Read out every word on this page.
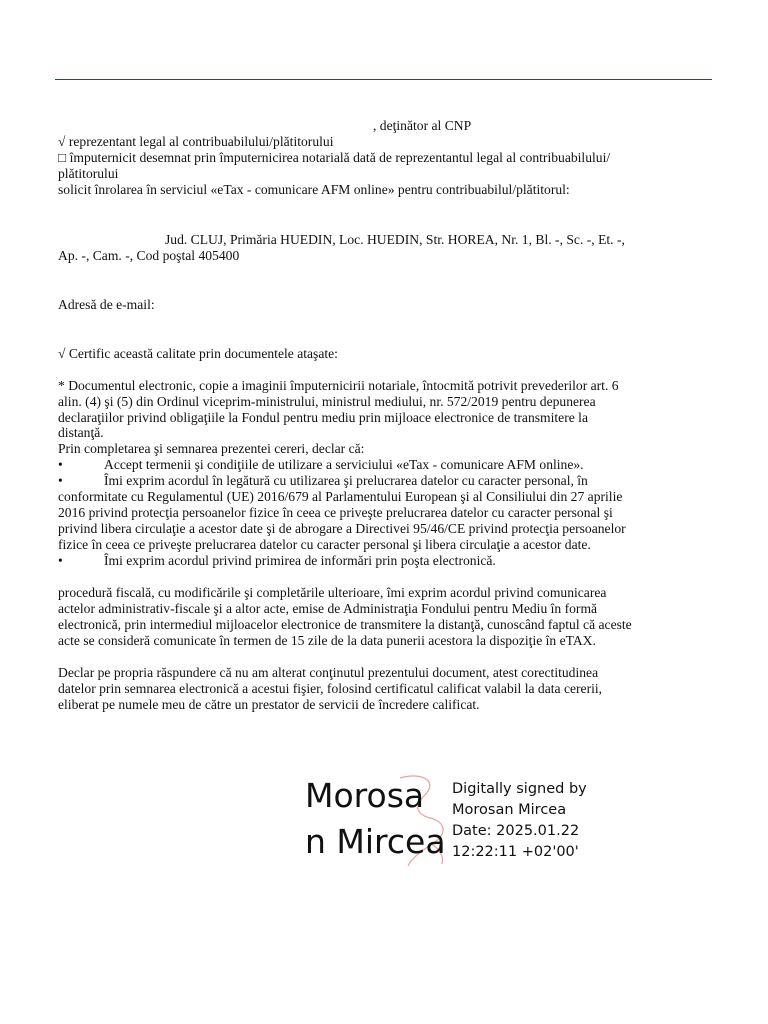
, deţinător al CNP
√ reprezentant legal al contribuabilului/plătitorului
□ împuternicit desemnat prin împuternicirea notarială dată de reprezentantul legal al contribuabilului/
plătitorului
solicit înrolarea în serviciul «eTax - comunicare AFM online» pentru contribuabilul/plătitorul:
Jud. CLUJ, Primăria HUEDIN, Loc. HUEDIN, Str. HOREA, Nr. 1, Bl. -, Sc. -, Et. -,
Ap. -, Cam. -, Cod poştal 405400
Adresă de e-mail:
√ Certific această calitate prin documentele ataşate:
* Documentul electronic, copie a imaginii împuternicirii notariale, întocmită potrivit prevederilor art. 6
alin. (4) şi (5) din Ordinul viceprim-ministrului, ministrul mediului, nr. 572/2019 pentru depunerea
declaraţiilor privind obligaţiile la Fondul pentru mediu prin mijloace electronice de transmitere la
distanţă.
Prin completarea şi semnarea prezentei cereri, declar că:
•	Accept termenii şi condiţiile de utilizare a serviciului «eTax - comunicare AFM online».
•	Îmi exprim acordul în legătură cu utilizarea şi prelucrarea datelor cu caracter personal, în
conformitate cu Regulamentul (UE) 2016/679 al Parlamentului European şi al Consiliului din 27 aprilie
2016 privind protecţia persoanelor fizice în ceea ce priveşte prelucrarea datelor cu caracter personal şi
privind libera circulaţie a acestor date şi de abrogare a Directivei 95/46/CE privind protecţia persoanelor
fizice în ceea ce priveşte prelucrarea datelor cu caracter personal şi libera circulaţie a acestor date.
•	Îmi exprim acordul privind primirea de informări prin poşta electronică.
procedură fiscală, cu modificările şi completările ulterioare, îmi exprim acordul privind comunicarea
actelor administrativ-fiscale şi a altor acte, emise de Administraţia Fondului pentru Mediu în formă
electronică, prin intermediul mijloacelor electronice de transmitere la distanţă, cunoscând faptul că aceste
acte se consideră comunicate în termen de 15 zile de la data punerii acestora la dispoziţie în eTAX.
Declar pe propria răspundere că nu am alterat conţinutul prezentului document, atest corectitudinea
datelor prin semnarea electronică a acestui fişier, folosind certificatul calificat valabil la data cererii,
eliberat pe numele meu de către un prestator de servicii de încredere calificat.
Morosa
n Mircea
Digitally signed by
Morosan Mircea
Date: 2025.01.22
12:22:11 +02'00'
